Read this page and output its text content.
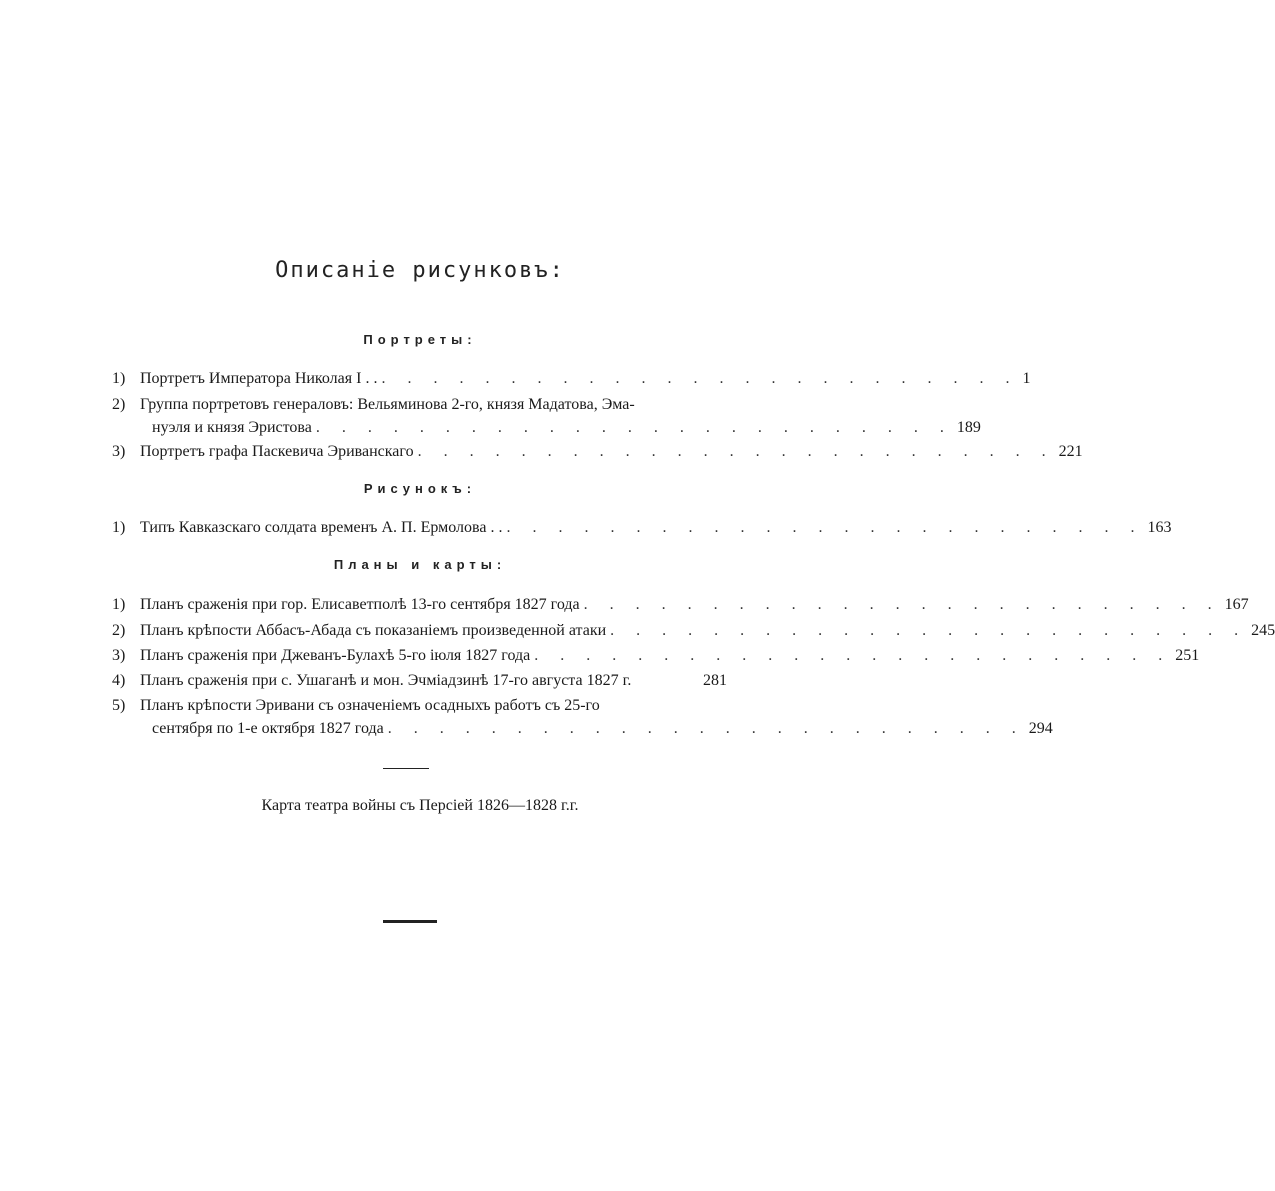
Описаніе рисунковъ:
Портреты:
1) Портретъ Императора Николая I . . . . . . . . . . . . . . . . . . . . . . . . . . . 1
2) Группа портретовъ генераловъ: Вельяминова 2-го, князя Мадатова, Эма-
нуэля и князя Эристова . . . . . . . . . . . . . . . . . . . . . . . . . 189
3) Портретъ графа Паскевича Эриванскаго . . . . . . . . . . . . . . . . . . . . . . . . . 221
Рисунокъ:
1) Типъ Кавказскаго солдата временъ А. П. Ермолова . . . . . . . . . . . . . . . . . . . . . . . . . . . 163
Планы и карты:
1) Планъ сраженія при гор. Елисаветполѣ 13-го сентября 1827 года . . . . . . . . . . . . . . . . . . . . . . . . . 167
2) Планъ крѣпости Аббасъ-Абада съ показаніемъ произведенной атаки . . . . . . . . . . . . . . . . . . . . . . . . . 245
3) Планъ сраженія при Джеванъ-Булахѣ 5-го іюля 1827 года . . . . . . . . . . . . . . . . . . . . . . . . . 251
4) Планъ сраженія при с. Ушаганѣ и мон. Эчміадзинѣ 17-го августа 1827 г.	281
5) Планъ крѣпости Эривани съ означеніемъ осадныхъ работъ съ 25-го
сентября по 1-е октября 1827 года . . . . . . . . . . . . . . . . . . . . . . . . . 294
Карта театра войны съ Персіей 1826—1828 г.г.
